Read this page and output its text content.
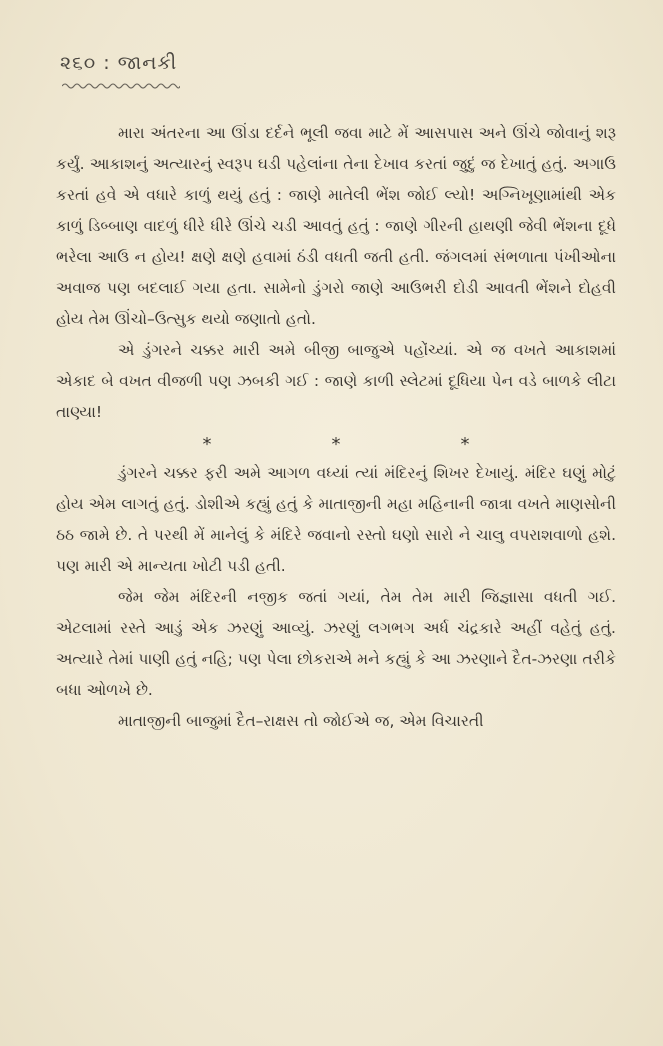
૨૬૦ : જાનકી

મારા અંતરના આ ઊંડા દર્દને ભૂલી જવા માટે મેં આસપાસ અને ઊંચે જોવાનું શરૂ કર્યું. આકાશનું અત્યારનું સ્વરૂપ ઘડી પહેલાંના તેના દેખાવ કરતાં જુદું જ દેખાતું હતું. અગાઉ કરતાં હવે એ વધારે કાળું થયું હતું : જાણે માતેલી ભેંશ જોઈ લ્યો! અગ્નિખૂણામાંથી એક કાળું ડિબ્બાણ વાદળું ધીરે ધીરે ઊંચે ચડી આવતું હતું : જાણે ગીરની હાથણી જેવી ભેંશના દૂધે ભરેલા આઉ ન હોય! ક્ષણે ક્ષણે હવામાં ઠંડી વધતી જતી હતી. જંગલમાં સંભળાતા પંખીઓના અવાજ પણ બદલાઈ ગયા હતા. સામેનો ડુંગરો જાણે આઉભરી દોડી આવતી ભેંશને દોહવી હોય તેમ ઊંચો–ઉત્સુક થયો જણાતો હતો.

એ ડુંગરને ચક્કર મારી અમે બીજી બાજુએ પહોંચ્યાં. એ જ વખતે આકાશમાં એકાદ બે વખત વીજળી પણ ઝબકી ગઈ : જાણે કાળી સ્લેટમાં દૂધિયા પેન વડે બાળકે લીટા તાણ્યા!

*	*	*

ડુંગરને ચક્કર ફરી અમે આગળ વધ્યાં ત્યાં મંદિરનું શિખર દેખાયું. મંદિર ઘણું મોટું હોય એમ લાગતું હતું. ડોશીએ કહ્યું હતું કે માતાજીની મહા મહિનાની જાત્રા વખતે માણસોની ઠઠ જામે છે. તે પરથી મેં માનેલું કે મંદિરે જવાનો રસ્તો ઘણો સારો ને ચાલુ વપરાશવાળો હશે. પણ મારી એ માન્યતા ખોટી પડી હતી.

જેમ જેમ મંદિરની નજીક જતાં ગયાં, તેમ તેમ મારી જિજ્ઞાસા વધતી ગઈ. એટલામાં રસ્તે આડું એક ઝરણું આવ્યું. ઝરણું લગભગ અર્ધ ચંદ્રકારે અહીં વહેતું હતું. અત્યારે તેમાં પાણી હતું નહિ; પણ પેલા છોકરાએ મને કહ્યું કે આ ઝરણાને દૈત-ઝરણા તરીકે બધા ઓળખે છે.

માતાજીની બાજુમાં દૈત–રાક્ષસ તો જોઈએ જ, એમ વિચારતી
